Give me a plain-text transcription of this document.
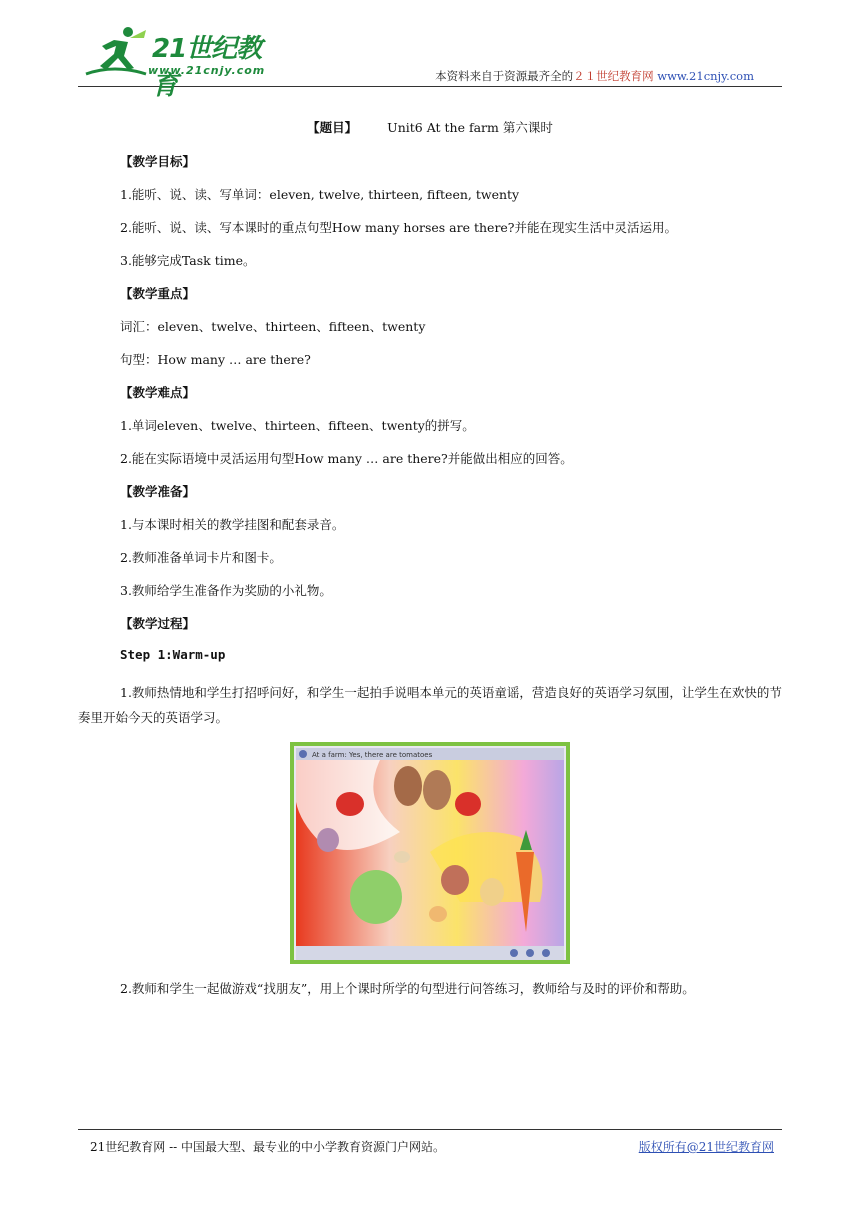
21世纪教育
www.21cnjy.com	本资料来自于资源最齐全的２１世纪教育网 www.21cnjy.com
【题目】 Unit6 At the farm 第六课时
【教学目标】
1.能听、说、读、写单词：eleven, twelve, thirteen, fifteen, twenty
2.能听、说、读、写本课时的重点句型How many horses are there?并能在现实生活中灵活运用。
3.能够完成Task time。
【教学重点】
词汇：eleven、twelve、thirteen、fifteen、twenty
句型：How many … are there?
【教学难点】
1.单词eleven、twelve、thirteen、fifteen、twenty的拼写。
2.能在实际语境中灵活运用句型How many … are there?并能做出相应的回答。
【教学准备】
1.与本课时相关的教学挂图和配套录音。
2.教师准备单词卡片和图卡。
3.教师给学生准备作为奖励的小礼物。
【教学过程】
Step 1:Warm-up
1.教师热情地和学生打招呼问好，和学生一起拍手说唱本单元的英语童谣，营造良好的英语学习氛围，让学生在欢快的节奏里开始今天的英语学习。
At a farm: Yes, there are tomatoes
2.教师和学生一起做游戏“找朋友”，用上个课时所学的句型进行问答练习，教师给与及时的评价和帮助。
21世纪教育网 -- 中国最大型、最专业的中小学教育资源门户网站。	版权所有@21世纪教育网
